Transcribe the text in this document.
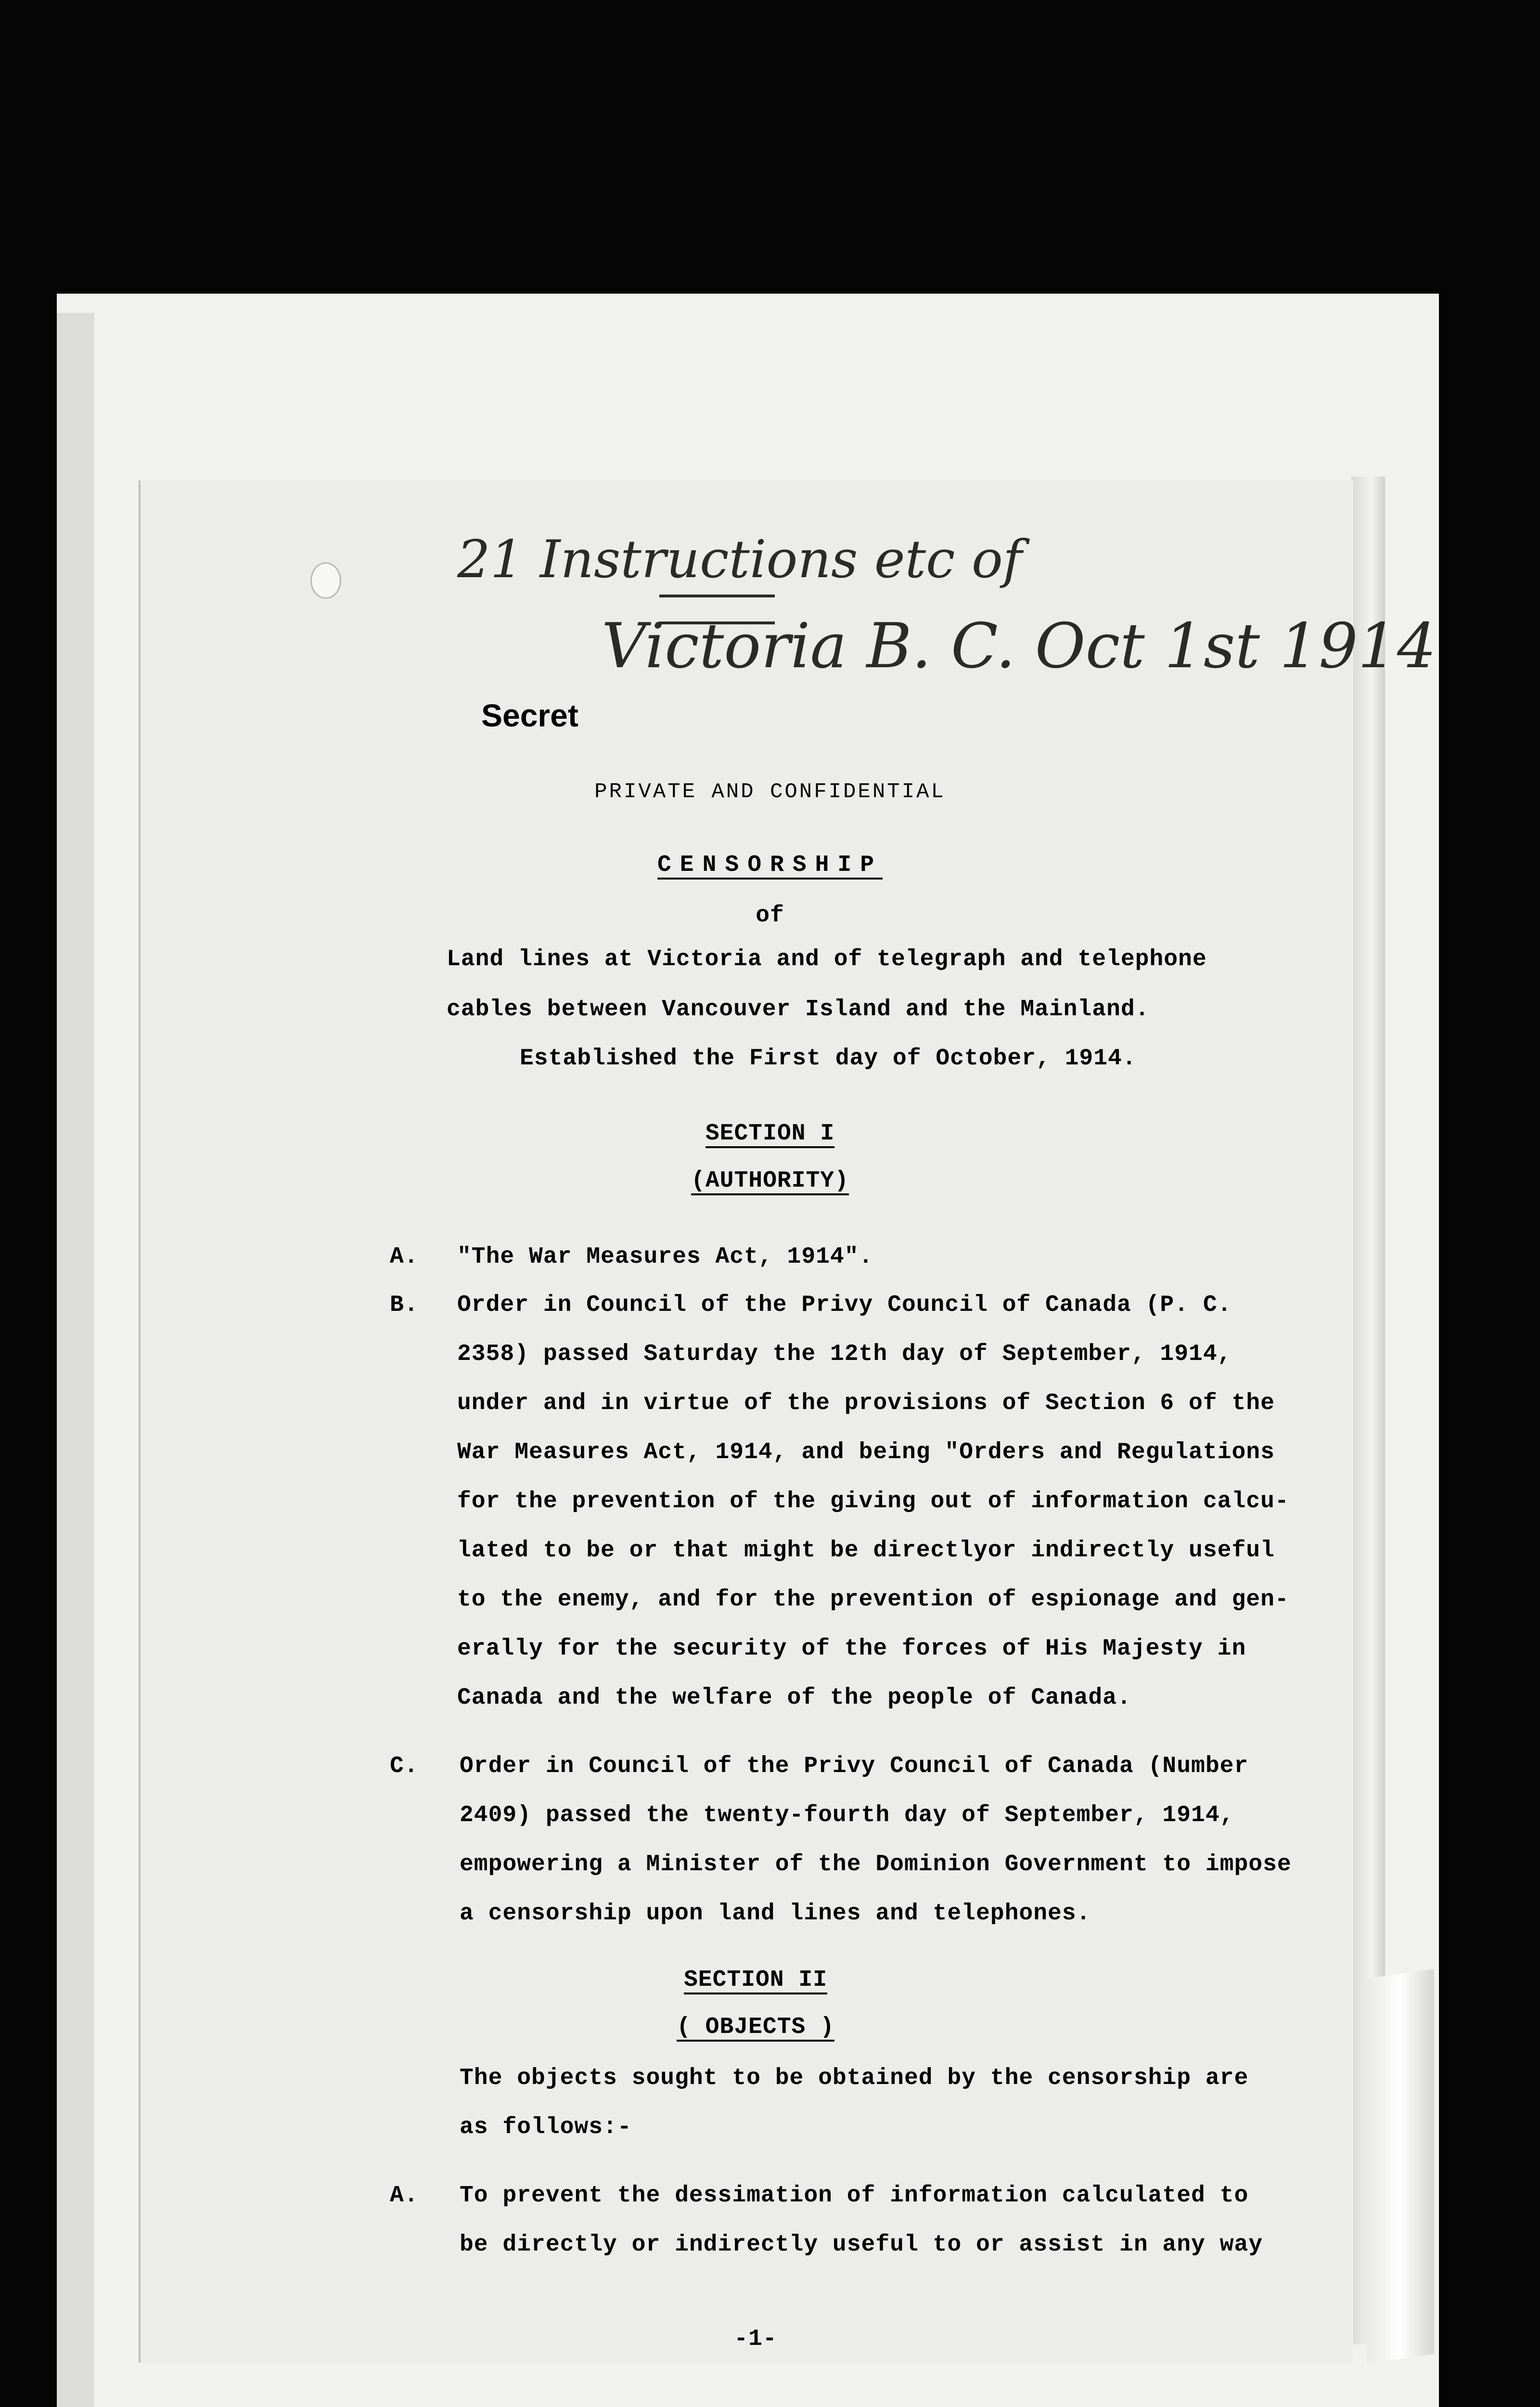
21 Instructions etc of
Victoria B. C. Oct 1st 1914
Secret
PRIVATE AND CONFIDENTIAL
CENSORSHIP
of
Land lines at Victoria and of telegraph and telephone
cables between Vancouver Island and the Mainland.
Established the First day of October, 1914.
SECTION I
(AUTHORITY)
A. "The War Measures Act, 1914".
B. Order in Council of the Privy Council of Canada (P. C.
2358) passed Saturday the 12th day of September, 1914,
under and in virtue of the provisions of Section 6 of the
War Measures Act, 1914, and being "Orders and Regulations
for the prevention of the giving out of information calcu-
lated to be or that might be directlyor indirectly useful
to the enemy, and for the prevention of espionage and gen-
erally for the security of the forces of His Majesty in
Canada and the welfare of the people of Canada.
C. Order in Council of the Privy Council of Canada (Number
2409) passed the twenty-fourth day of September, 1914,
empowering a Minister of the Dominion Government to impose
a censorship upon land lines and telephones.
SECTION II
( OBJECTS )
The objects sought to be obtained by the censorship are
as follows:-
A. To prevent the dessimation of information calculated to
be directly or indirectly useful to or assist in any way
-1-
